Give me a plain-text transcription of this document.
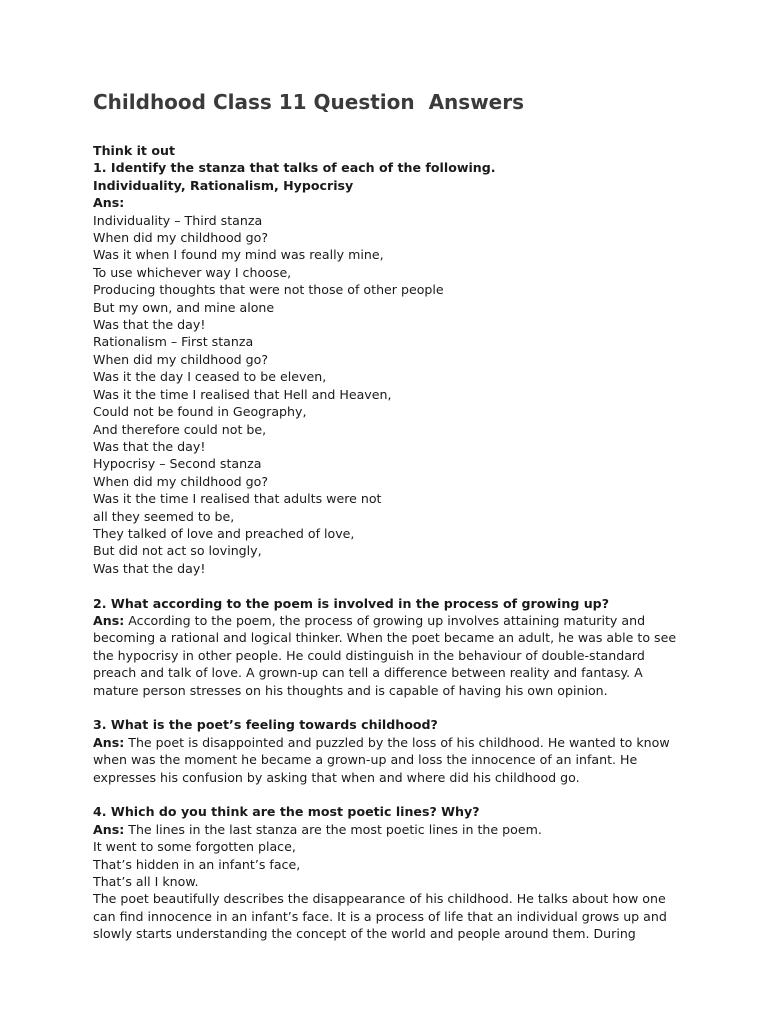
Childhood Class 11 Question  Answers
Think it out
1. Identify the stanza that talks of each of the following.
Individuality, Rationalism, Hypocrisy
Ans:
Individuality – Third stanza
When did my childhood go?
Was it when I found my mind was really mine,
To use whichever way I choose,
Producing thoughts that were not those of other people
But my own, and mine alone
Was that the day!
Rationalism – First stanza
When did my childhood go?
Was it the day I ceased to be eleven,
Was it the time I realised that Hell and Heaven,
Could not be found in Geography,
And therefore could not be,
Was that the day!
Hypocrisy – Second stanza
When did my childhood go?
Was it the time I realised that adults were not
all they seemed to be,
They talked of love and preached of love,
But did not act so lovingly,
Was that the day!
2. What according to the poem is involved in the process of growing up?
Ans: According to the poem, the process of growing up involves attaining maturity and
becoming a rational and logical thinker. When the poet became an adult, he was able to see
the hypocrisy in other people. He could distinguish in the behaviour of double-standard
preach and talk of love. A grown-up can tell a difference between reality and fantasy. A
mature person stresses on his thoughts and is capable of having his own opinion.
3. What is the poet’s feeling towards childhood?
Ans: The poet is disappointed and puzzled by the loss of his childhood. He wanted to know
when was the moment he became a grown-up and loss the innocence of an infant. He
expresses his confusion by asking that when and where did his childhood go.
4. Which do you think are the most poetic lines? Why?
Ans: The lines in the last stanza are the most poetic lines in the poem.
It went to some forgotten place,
That’s hidden in an infant’s face,
That’s all I know.
The poet beautifully describes the disappearance of his childhood. He talks about how one
can find innocence in an infant’s face. It is a process of life that an individual grows up and
slowly starts understanding the concept of the world and people around them. During
